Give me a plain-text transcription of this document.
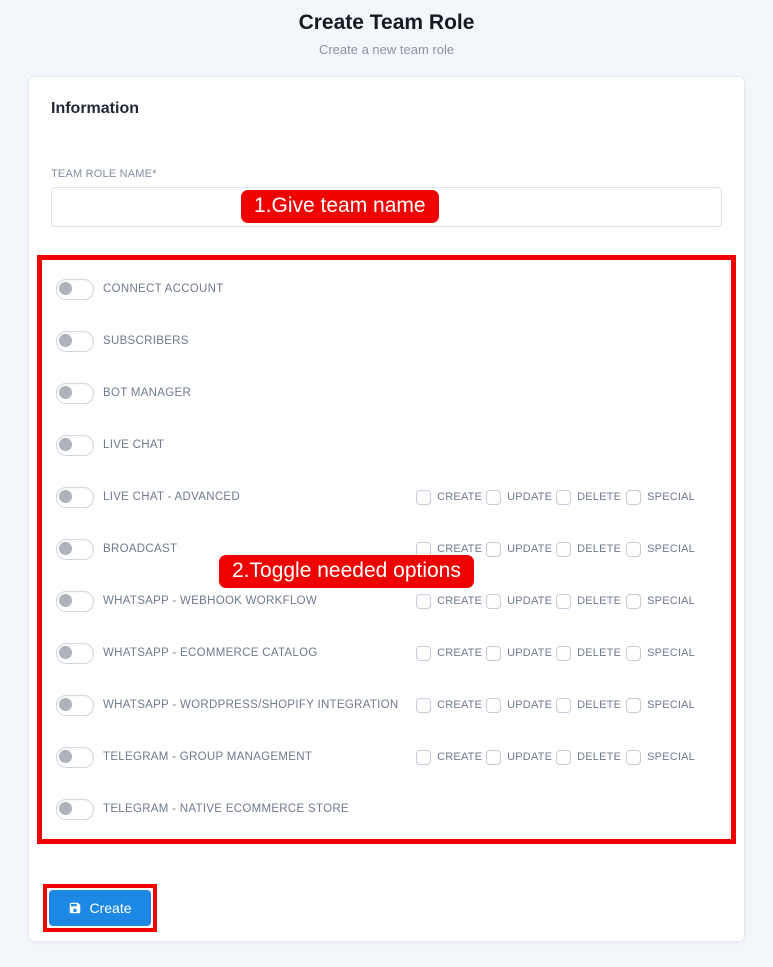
Create Team Role
Create a new team role
Information
TEAM ROLE NAME*
1.Give team name
CONNECT ACCOUNT
SUBSCRIBERS
BOT MANAGER
LIVE CHAT
LIVE CHAT - ADVANCED	CREATE UPDATE DELETE SPECIAL
BROADCAST	CREATE UPDATE DELETE SPECIAL
WHATSAPP - WEBHOOK WORKFLOW	CREATE UPDATE DELETE SPECIAL
WHATSAPP - ECOMMERCE CATALOG	CREATE UPDATE DELETE SPECIAL
WHATSAPP - WORDPRESS/SHOPIFY INTEGRATION	CREATE UPDATE DELETE SPECIAL
TELEGRAM - GROUP MANAGEMENT	CREATE UPDATE DELETE SPECIAL
TELEGRAM - NATIVE ECOMMERCE STORE
2.Toggle needed options
Create
